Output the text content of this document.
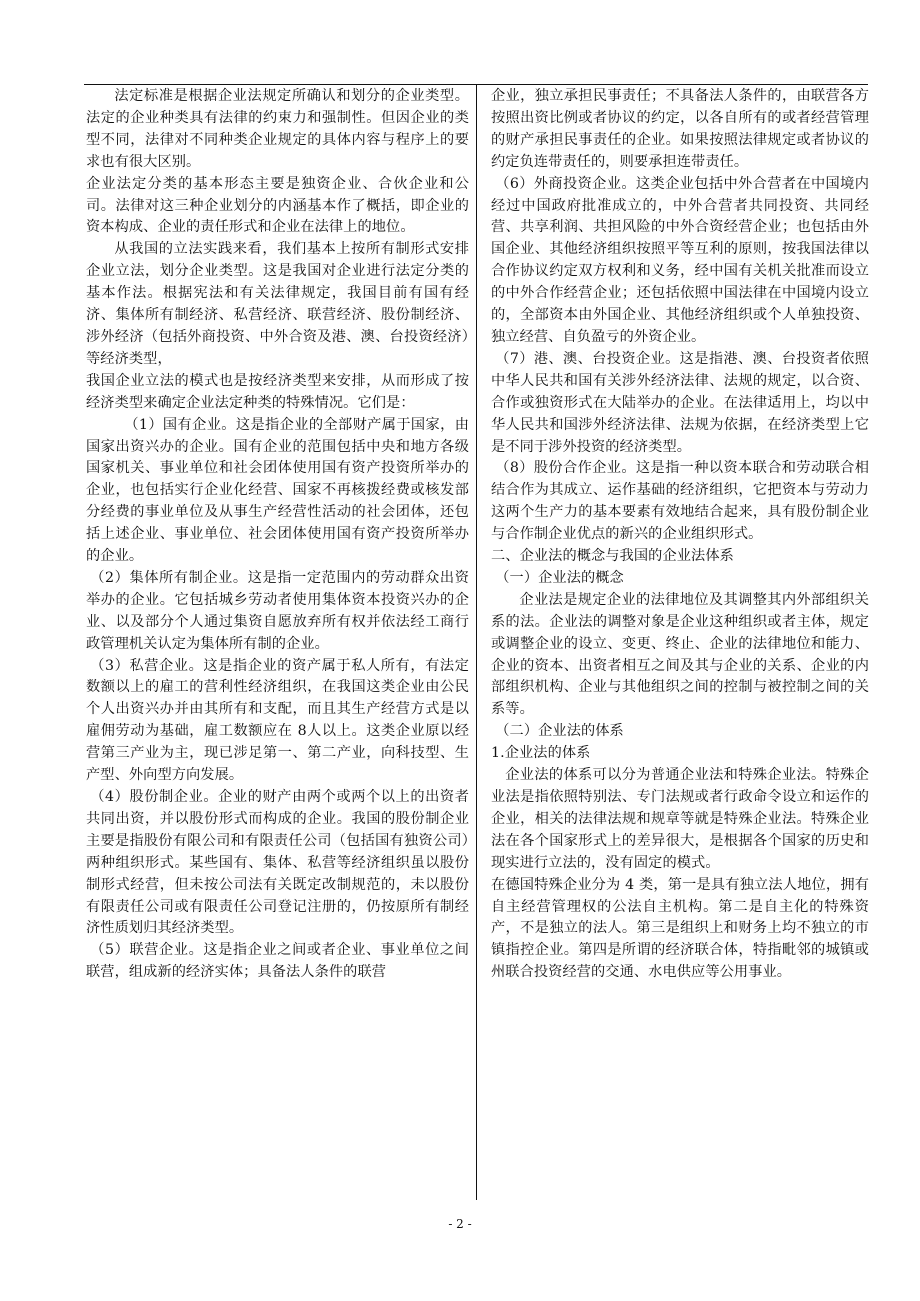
法定标准是根据企业法规定所确认和划分的企业类型。法定的企业种类具有法律的约束力和强制性。但因企业的类型不同，法律对不同种类企业规定的具体内容与程序上的要求也有很大区别。

企业法定分类的基本形态主要是独资企业、合伙企业和公司。法律对这三种企业划分的内涵基本作了概括，即企业的资本构成、企业的责任形式和企业在法律上的地位。

从我国的立法实践来看，我们基本上按所有制形式安排企业立法，划分企业类型。这是我国对企业进行法定分类的基本作法。根据宪法和有关法律规定，我国目前有国有经济、集体所有制经济、私营经济、联营经济、股份制经济、涉外经济（包括外商投资、中外合资及港、澳、台投资经济）等经济类型，

我国企业立法的模式也是按经济类型来安排，从而形成了按经济类型来确定企业法定种类的特殊情况。它们是：

（1）国有企业。这是指企业的全部财产属于国家，由国家出资兴办的企业。国有企业的范围包括中央和地方各级国家机关、事业单位和社会团体使用国有资产投资所举办的企业，也包括实行企业化经营、国家不再核拨经费或核发部分经费的事业单位及从事生产经营性活动的社会团体，还包括上述企业、事业单位、社会团体使用国有资产投资所举办的企业。

（2）集体所有制企业。这是指一定范围内的劳动群众出资举办的企业。它包括城乡劳动者使用集体资本投资兴办的企业、以及部分个人通过集资自愿放弃所有权并依法经工商行政管理机关认定为集体所有制的企业。

（3）私营企业。这是指企业的资产属于私人所有，有法定数额以上的雇工的营利性经济组织，在我国这类企业由公民个人出资兴办并由其所有和支配，而且其生产经营方式是以雇佣劳动为基础，雇工数额应在 8人以上。这类企业原以经营第三产业为主，现已涉足第一、第二产业，向科技型、生产型、外向型方向发展。

（4）股份制企业。企业的财产由两个或两个以上的出资者共同出资，并以股份形式而构成的企业。我国的股份制企业主要是指股份有限公司和有限责任公司（包括国有独资公司）两种组织形式。某些国有、集体、私营等经济组织虽以股份制形式经营，但未按公司法有关既定改制规范的，未以股份有限责任公司或有限责任公司登记注册的，仍按原所有制经济性质划归其经济类型。

（5）联营企业。这是指企业之间或者企业、事业单位之间联营，组成新的经济实体；具备法人条件的联营

企业，独立承担民事责任；不具备法人条件的，由联营各方按照出资比例或者协议的约定，以各自所有的或者经营管理的财产承担民事责任的企业。如果按照法律规定或者协议的约定负连带责任的，则要承担连带责任。

（6）外商投资企业。这类企业包括中外合营者在中国境内经过中国政府批准成立的，中外合营者共同投资、共同经营、共享利润、共担风险的中外合资经营企业；也包括由外国企业、其他经济组织按照平等互利的原则，按我国法律以合作协议约定双方权利和义务，经中国有关机关批准而设立的中外合作经营企业；还包括依照中国法律在中国境内设立的，全部资本由外国企业、其他经济组织或个人单独投资、独立经营、自负盈亏的外资企业。

（7）港、澳、台投资企业。这是指港、澳、台投资者依照中华人民共和国有关涉外经济法律、法规的规定，以合资、合作或独资形式在大陆举办的企业。在法律适用上，均以中华人民共和国涉外经济法律、法规为依据，在经济类型上它是不同于涉外投资的经济类型。

（8）股份合作企业。这是指一种以资本联合和劳动联合相结合作为其成立、运作基础的经济组织，它把资本与劳动力这两个生产力的基本要素有效地结合起来，具有股份制企业与合作制企业优点的新兴的企业组织形式。

二、企业法的概念与我国的企业法体系

（一）企业法的概念

企业法是规定企业的法律地位及其调整其内外部组织关系的法。企业法的调整对象是企业这种组织或者主体，规定或调整企业的设立、变更、终止、企业的法律地位和能力、企业的资本、出资者相互之间及其与企业的关系、企业的内部组织机构、企业与其他组织之间的控制与被控制之间的关系等。

（二）企业法的体系

1.企业法的体系

企业法的体系可以分为普通企业法和特殊企业法。特殊企业法是指依照特别法、专门法规或者行政命令设立和运作的企业，相关的法律法规和规章等就是特殊企业法。特殊企业法在各个国家形式上的差异很大，是根据各个国家的历史和现实进行立法的，没有固定的模式。

在德国特殊企业分为 4 类，第一是具有独立法人地位，拥有自主经营管理权的公法自主机构。第二是自主化的特殊资产，不是独立的法人。第三是组织上和财务上均不独立的市镇指控企业。第四是所谓的经济联合体，特指毗邻的城镇或州联合投资经营的交通、水电供应等公用事业。

- 2 -
